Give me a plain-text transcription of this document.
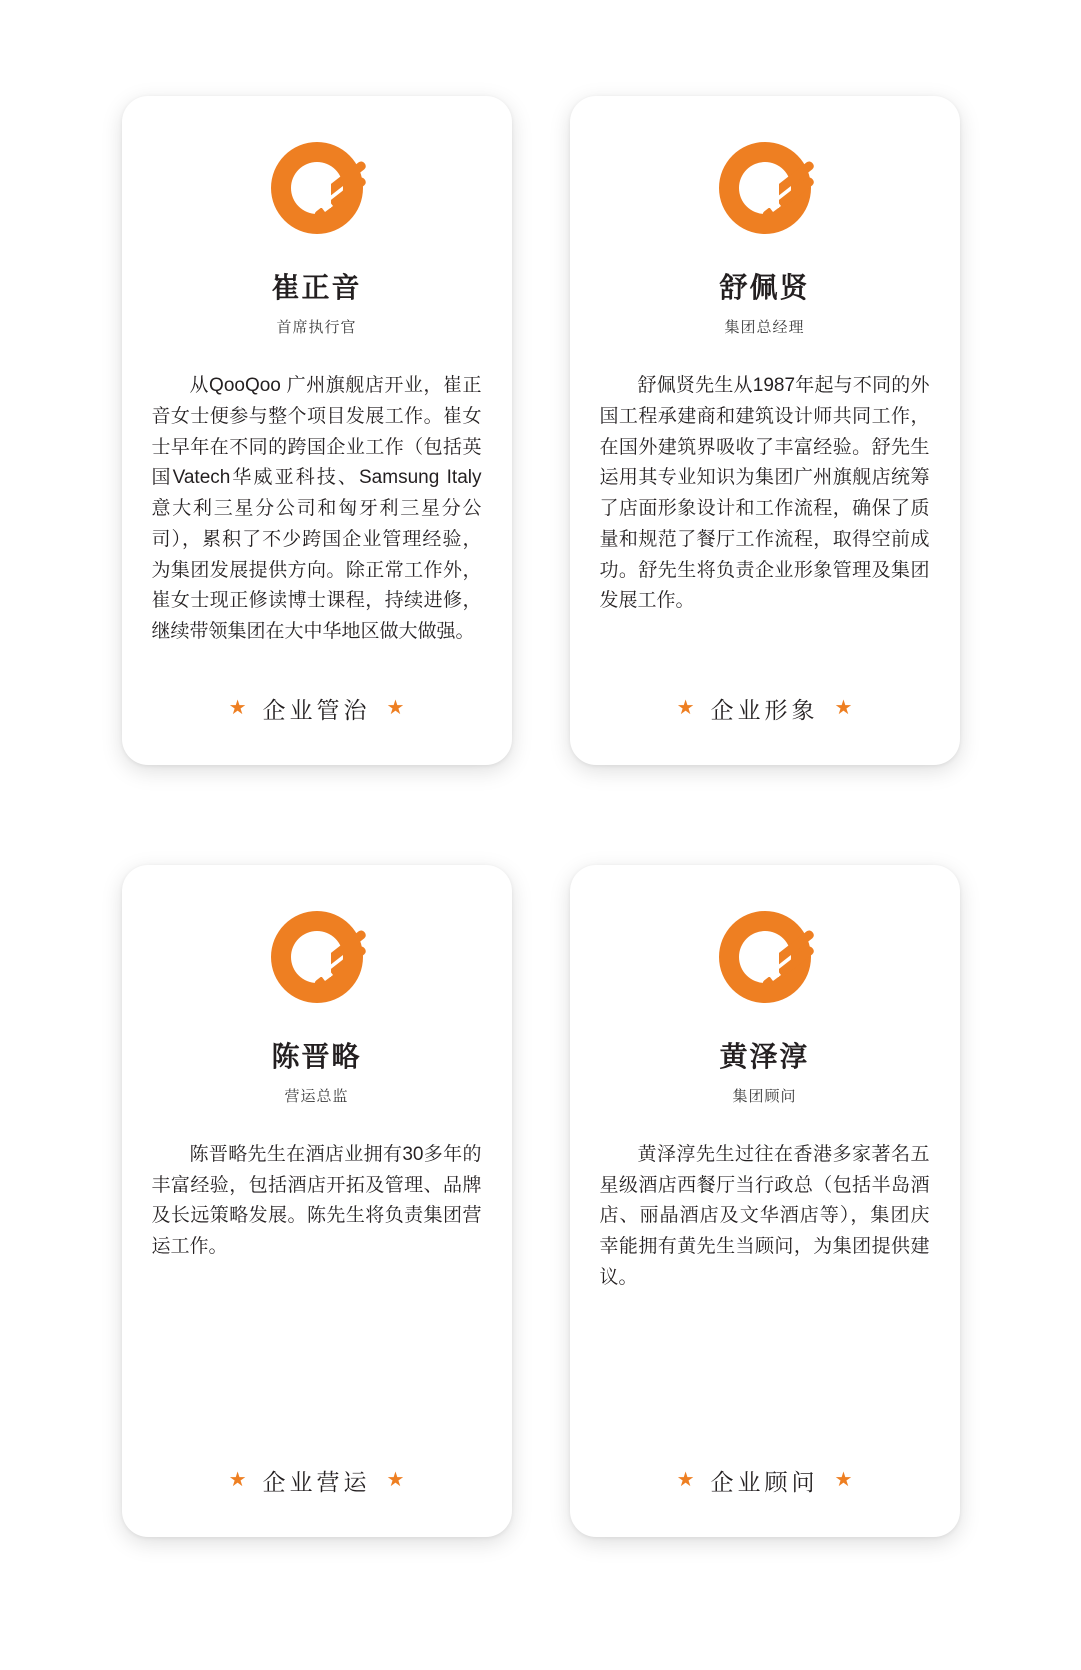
崔正音
首席执行官
从QooQoo 广州旗舰店开业，崔正音女士便参与整个项目发展工作。崔女士早年在不同的跨国企业工作（包括英国Vatech华威亚科技、Samsung Italy意大利三星分公司和匈牙利三星分公司），累积了不少跨国企业管理经验，为集团发展提供方向。除正常工作外，崔女士现正修读博士课程，持续进修，继续带领集团在大中华地区做大做强。
★ 企业管治 ★
舒佩贤
集团总经理
舒佩贤先生从1987年起与不同的外国工程承建商和建筑设计师共同工作，在国外建筑界吸收了丰富经验。舒先生运用其专业知识为集团广州旗舰店统筹了店面形象设计和工作流程，确保了质量和规范了餐厅工作流程，取得空前成功。舒先生将负责企业形象管理及集团发展工作。
★ 企业形象 ★
陈晋略
营运总监
陈晋略先生在酒店业拥有30多年的丰富经验，包括酒店开拓及管理、品牌及长远策略发展。陈先生将负责集团营运工作。
★ 企业营运 ★
黄泽淳
集团顾问
黄泽淳先生过往在香港多家著名五星级酒店西餐厅当行政总（包括半岛酒店、丽晶酒店及文华酒店等），集团庆幸能拥有黄先生当顾问，为集团提供建议。
★ 企业顾问 ★
